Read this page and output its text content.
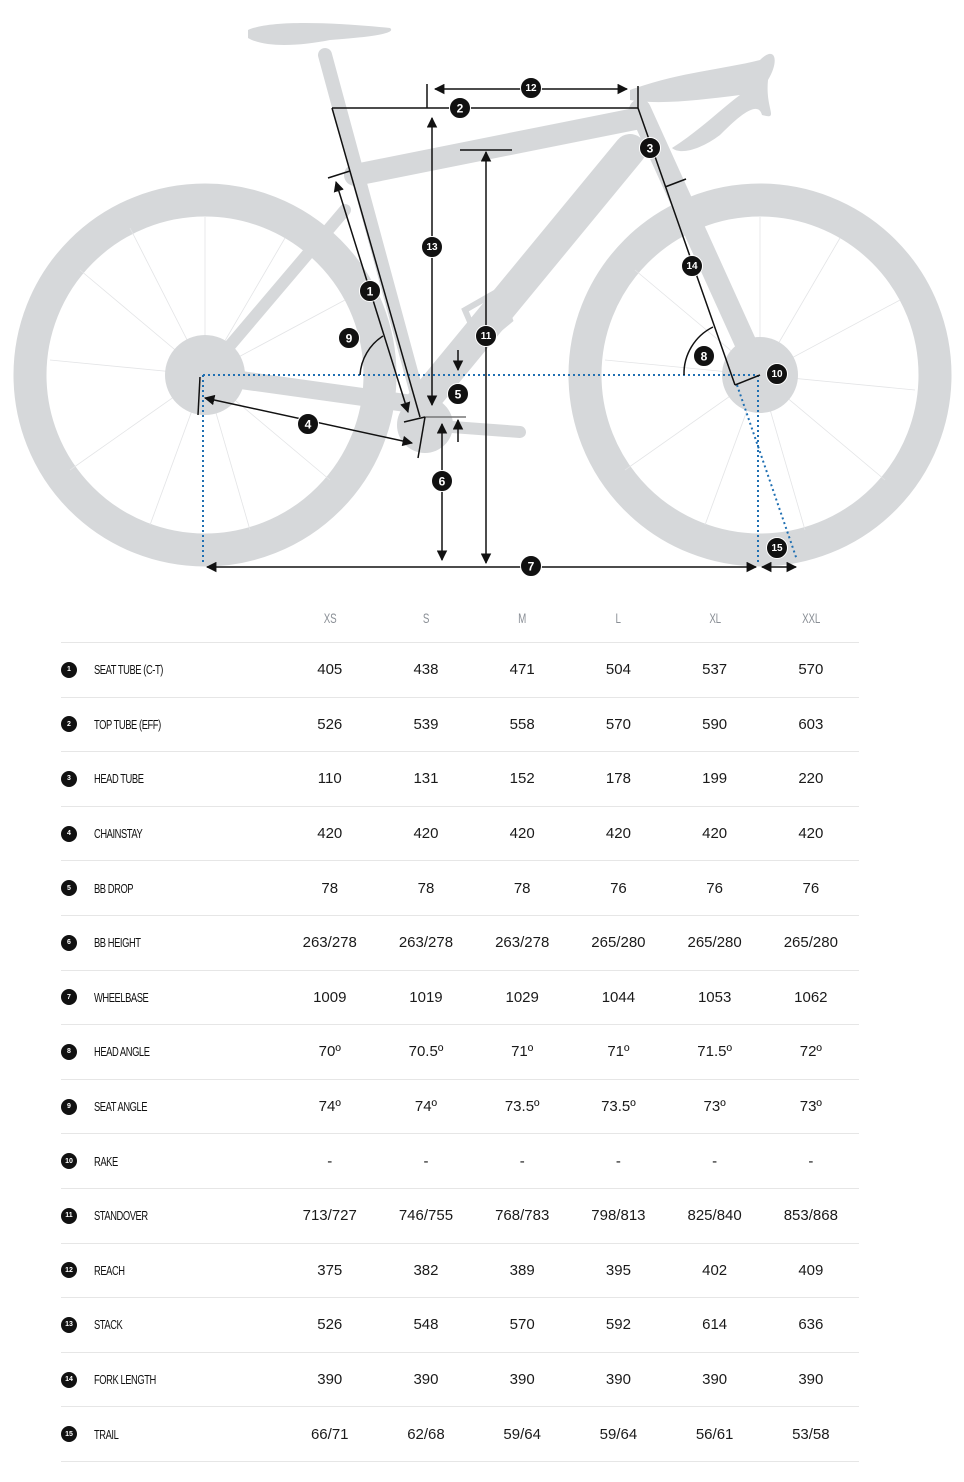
1
2
3
4
5
6
7
8
9
10
11
12
13
14
15
XS	S	M	L	XL	XXL
1	SEAT TUBE (C-T)	405	438	471	504	537	570
2	TOP TUBE (EFF)	526	539	558	570	590	603
3	HEAD TUBE	110	131	152	178	199	220
4	CHAINSTAY	420	420	420	420	420	420
5	BB DROP	78	78	78	76	76	76
6	BB HEIGHT	263/278	263/278	263/278	265/280	265/280	265/280
7	WHEELBASE	1009	1019	1029	1044	1053	1062
8	HEAD ANGLE	70º	70.5º	71º	71º	71.5º	72º
9	SEAT ANGLE	74º	74º	73.5º	73.5º	73º	73º
10	RAKE	-	-	-	-	-	-
11	STANDOVER	713/727	746/755	768/783	798/813	825/840	853/868
12	REACH	375	382	389	395	402	409
13	STACK	526	548	570	592	614	636
14	FORK LENGTH	390	390	390	390	390	390
15	TRAIL	66/71	62/68	59/64	59/64	56/61	53/58
